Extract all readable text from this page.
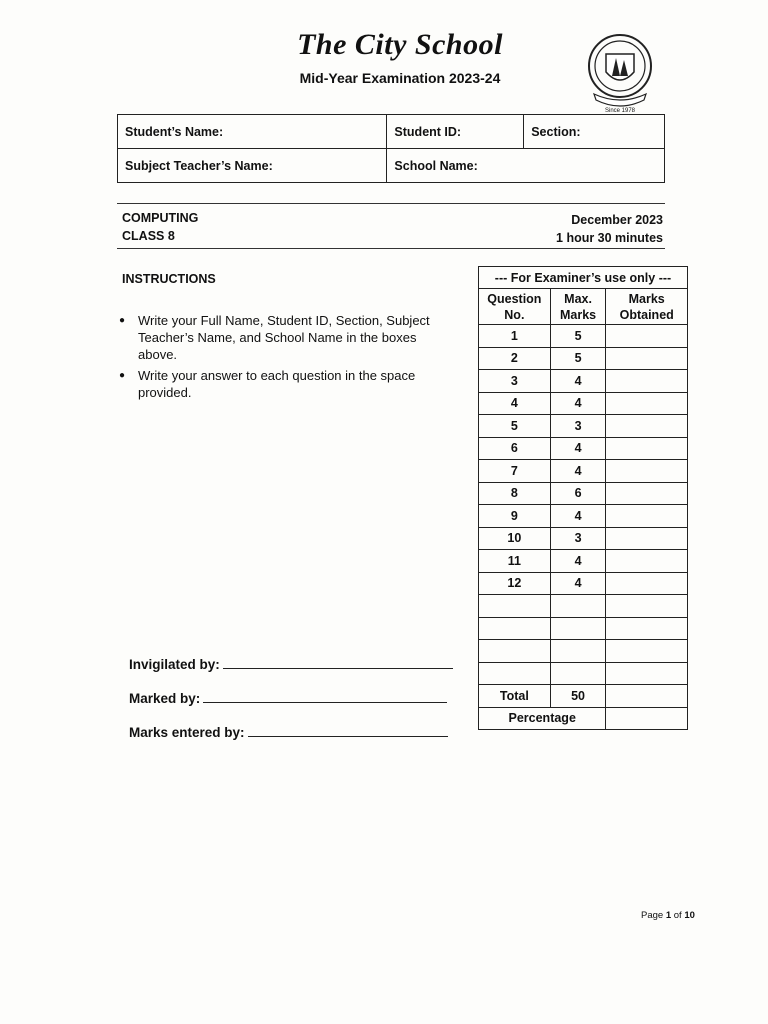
The City School
Mid-Year Examination 2023-24
Since 1978
Student’s Name:	Student ID:	Section:
Subject Teacher’s Name:	School Name:	
COMPUTING
CLASS 8
December 2023
1 hour 30 minutes
INSTRUCTIONS
● Write your Full Name, Student ID, Section, Subject Teacher’s Name, and School Name in the boxes above.
● Write your answer to each question in the space provided.
--- For Examiner’s use only ---		
Question No.	Max. Marks	Marks Obtained
1	5	
2	5	
3	4	
4	4	
5	3	
6	4	
7	4	
8	6	
9	4	
10	3	
11	4	
12	4	

Total	50	
Percentage		
Invigilated by:
Marked by:
Marks entered by:
Page 1 of 10
